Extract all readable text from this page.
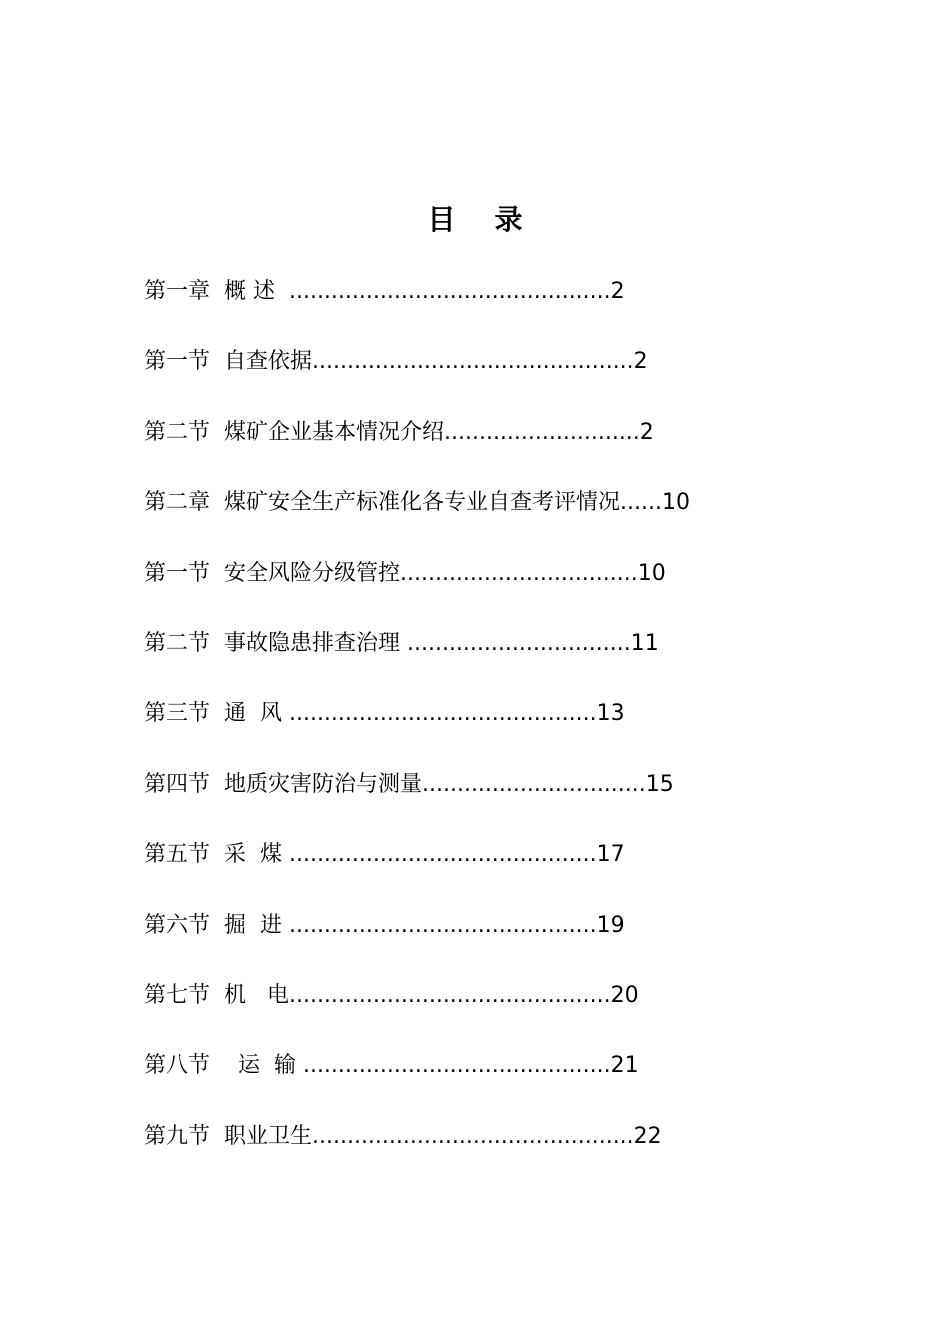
目    录
第一章  概 述  ..............................................2
第一节  自查依据..............................................2
第二节  煤矿企业基本情况介绍............................2
第二章  煤矿安全生产标准化各专业自查考评情况......10
第一节  安全风险分级管控..................................10
第二节  事故隐患排查治理 ................................11
第三节  通  风 ............................................13
第四节  地质灾害防治与测量................................15
第五节  采  煤 ............................................17
第六节  掘  进 ............................................19
第七节  机   电..............................................20
第八节    运  输 ............................................21
第九节  职业卫生..............................................22
